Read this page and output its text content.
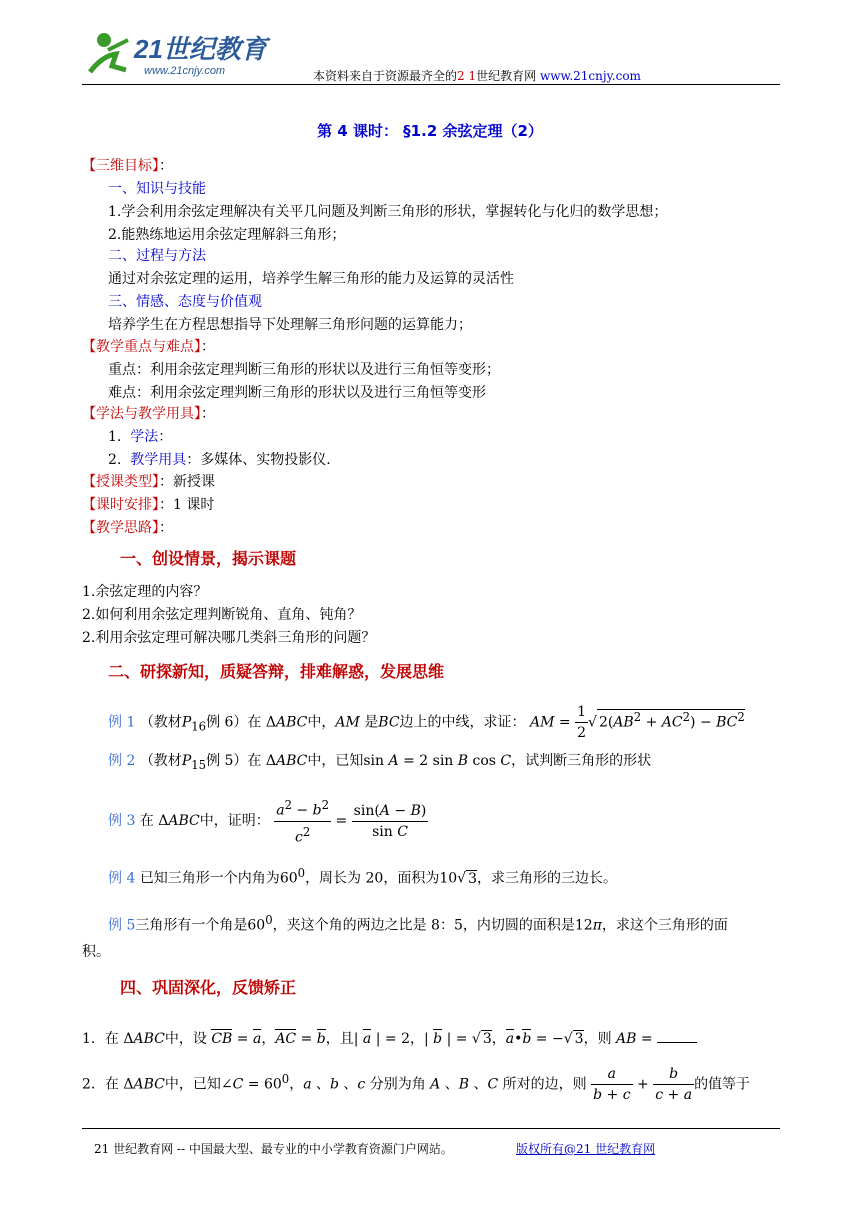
21世纪教育
www.21cnjy.com	本资料来自于资源最齐全的2 1世纪教育网 www.21cnjy.com
第 4 课时： §1.2 余弦定理（2）
【三维目标】：
一、知识与技能
1.学会利用余弦定理解决有关平几问题及判断三角形的形状，掌握转化与化归的数学思想；
2.能熟练地运用余弦定理解斜三角形；
二、过程与方法
通过对余弦定理的运用，培养学生解三角形的能力及运算的灵活性
三、情感、态度与价值观
培养学生在方程思想指导下处理解三角形问题的运算能力；
【教学重点与难点】：
重点：利用余弦定理判断三角形的形状以及进行三角恒等变形；
难点：利用余弦定理判断三角形的形状以及进行三角恒等变形
【学法与教学用具】：
1. 学法：
2. 教学用具：多媒体、实物投影仪.
【授课类型】：新授课
【课时安排】：1 课时
【教学思路】：
一、创设情景，揭示课题
1.余弦定理的内容？
2.如何利用余弦定理判断锐角、直角、钝角？
2.利用余弦定理可解决哪几类斜三角形的问题？
二、研探新知，质疑答辩，排难解惑，发展思维
例 1 （教材$P_{16}$例 6）在 ΔABC中，AM 是BC边上的中线，求证： AM = $\frac{1}{2}$ √ $2(AB^2 + AC^2) - BC^2$
例 2 （教材$P_{15}$例 5）在 ΔABC中，已知sin A = 2 sin B cos C，试判断三角形的形状
例 3 在 ΔABC中，证明： $\frac{a^2 - b^2}{c^2} = \frac{\sin(A - B)}{\text{sin C}}$
例 4 已知三角形一个内角为$60^0$，周长为 20，面积为10√ 3，求三角形的三边长。
例 5三角形有一个角是$60^0$，夹这个角的两边之比是 8：5，内切圆的面积是12π，求这个三角形的面
积。
四、巩固深化，反馈矫正
1．在 ΔABC中，设 CB = a，AC = b，且| a | = 2，| b | = √ 3，a•b = −√ 3，则 AB =
2．在 ΔABC中，已知∠C = $60^0$，a 、b 、c 分别为角 A 、B 、C 所对的边，则 $\frac{a}{b + c} + \frac{b}{c + a}$ 的值等于
21 世纪教育网 -- 中国最大型、最专业的中小学教育资源门户网站。	版权所有@21 世纪教育网
